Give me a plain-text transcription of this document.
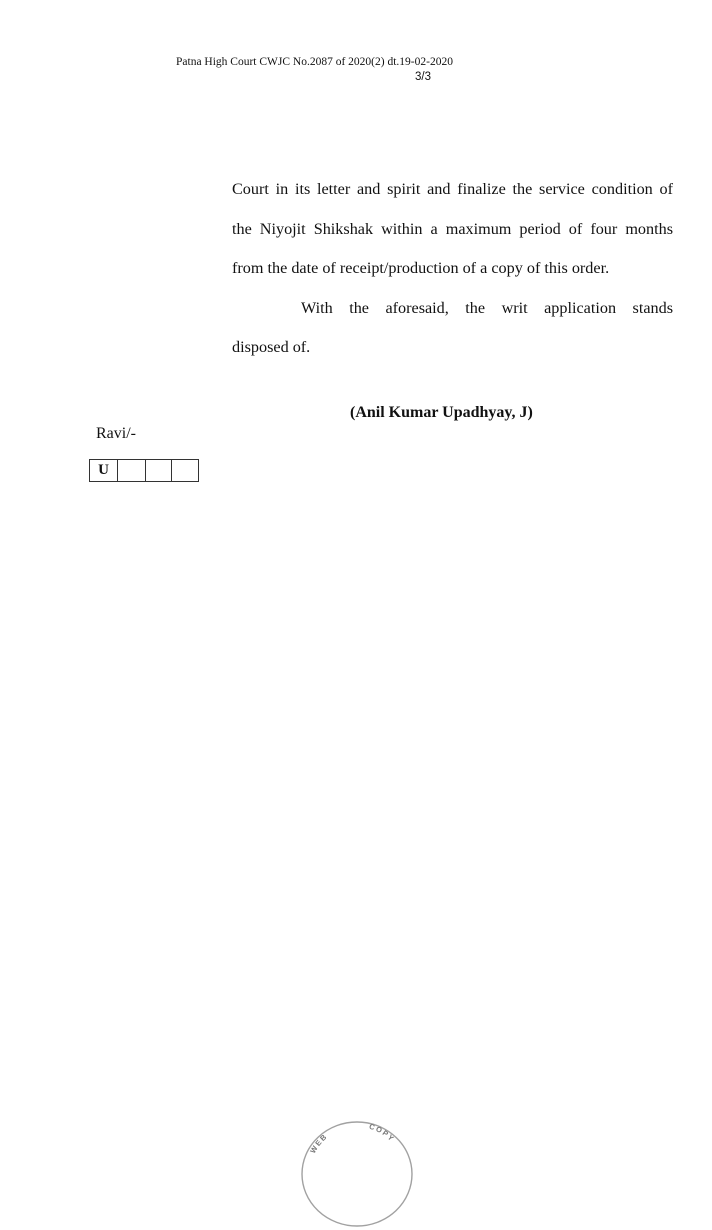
Patna High Court CWJC No.2087 of 2020(2) dt.19-02-2020
3/3
Court in its letter and spirit and finalize the service condition of
the Niyojit Shikshak within a maximum period of four months
from the date of receipt/production of a copy of this order.
With the aforesaid, the writ application stands
disposed of.
(Anil Kumar Upadhyay, J)
Ravi/-
U
WEB
COPY
